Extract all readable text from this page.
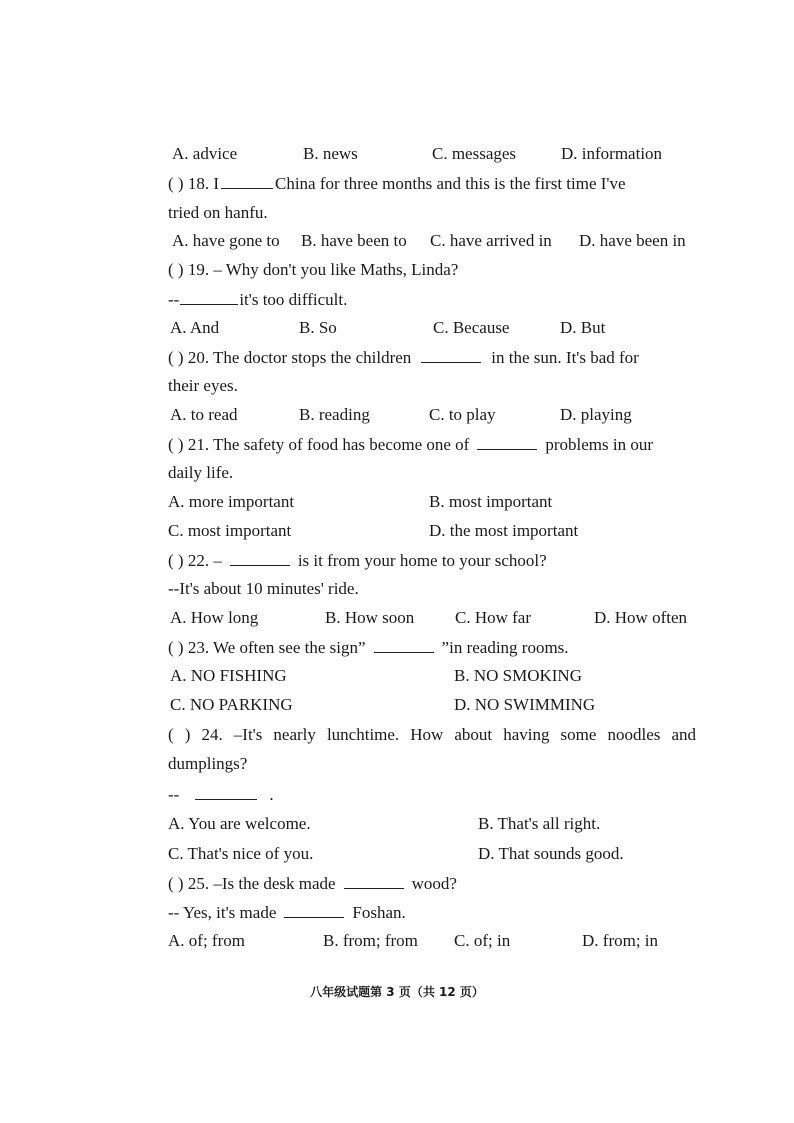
A. advice	B. news	C. messages	D. information
( ) 18. I	China for three months and this is the first time I've
tried on hanfu.
A. have gone to B. have been to C. have arrived in D. have been in
( ) 19. – Why don't you like Maths, Linda?
--	it's too difficult.
A. And	B. So	C. Because	D. But
( ) 20. The doctor stops the children	in the sun. It's bad for
their eyes.
A. to read	B. reading	C. to play	D. playing
( ) 21. The safety of food has become one of	problems in our
daily life.
A. more important	B. most important
C. most important	D. the most important
( ) 22. –	is it from your home to your school?
--It's about 10 minutes' ride.
A. How long	B. How soon C. How far	D. How often
( ) 23. We often see the sign”	”in reading rooms.
A. NO FISHING	B. NO SMOKING
C. NO PARKING	D. NO SWIMMING
( ) 24. –It's nearly lunchtime. How about having some noodles and
dumplings?
--	.
A. You are welcome.	B. That's all right.
C. That's nice of you.	D. That sounds good.
( ) 25. –Is the desk made	wood?
-- Yes, it's made	Foshan.
A. of; from	B. from; from C. of; in	D. from; in
八年级试题第 3 页（共 12 页）
